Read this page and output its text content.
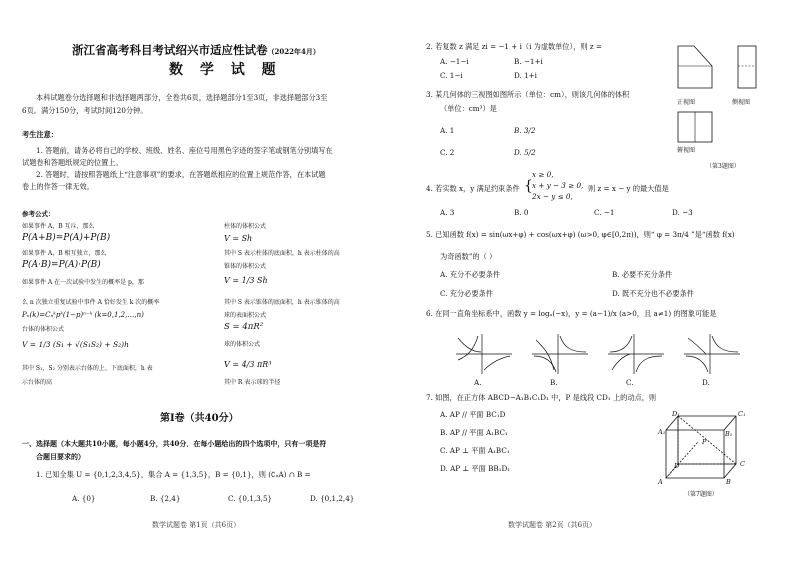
浙江省高考科目考试绍兴市适应性试卷（2022年4月）
数 学 试 题
本科试题卷分选择题和非选择题两部分，全卷共6页，选择题部分1至3页，非选择题部分3至
6页。满分150分，考试时间120分钟。
考生注意：
1. 答题前，请务必将自己的学校、班级、姓名、座位号用黑色字迹的签字笔或钢笔分别填写在
试题卷和答题纸规定的位置上。
2. 答题时，请按照答题纸上“注意事项”的要求，在答题纸相应的位置上规范作答，在本试题
卷上的作答一律无效。
参考公式：
如果事件 A，B 互斥，那么
P(A+B)=P(A)+P(B)
如果事件 A，B 相互独立，那么
P(A·B)=P(A)·P(B)
如果事件 A 在一次试验中发生的概率是 p，那
么 n 次独立重复试验中事件 A 恰好发生 k 次的概率
Pₙ(k)=Cₙᵏpᵏ(1−p)ⁿ⁻ᵏ (k=0,1,2,…,n)
台体的体积公式
V = 1/3 (S₁ + √(S₁S₂) + S₂)h
其中 S₁，S₂ 分别表示台体的上、下底面积，h 表
示台体的高
柱体的体积公式
V = Sh
其中 S 表示柱体的底面积，h 表示柱体的高
锥体的体积公式
V = 1/3 Sh
其中 S 表示锥体的底面积，h 表示锥体的高
球的表面积公式
S = 4πR²
球的体积公式
V = 4/3 πR³
其中 R 表示球的半径
第Ⅰ卷（共40分）
一、选择题（本大题共10小题，每小题4分，共40分．在每小题给出的四个选项中，只有一项是符
合题目要求的）
1. 已知全集 U = {0,1,2,3,4,5}，集合 A = {1,3,5}，B = {0,1}，则 (∁ᵤA) ∩ B =
A. {0}	B. {2,4}	C. {0,1,3,5}	D. {0,1,2,4}
数学试题卷 第1页（共6页）
2. 若复数 z 满足 zi = −1 + i（i 为虚数单位），则 z =
A. −1−i	B. −1+i
C. 1−i	D. 1+i
3. 某几何体的三视图如图所示（单位：cm），则该几何体的体积
（单位：cm³）是
A. 1	B. 3/2
C. 2	D. 5/2
正视图	侧视图
俯视图
（第3题图）
4. 若实数 x，y 满足约束条件 {
x ≥ 0,
x + y − 3 ≥ 0,
2x − y ≤ 0,
则 z = x − y 的最大值是
A. 3	B. 0	C. −1	D. −3
5. 已知函数 f(x) = sin(ωx+φ) + cos(ωx+φ) (ω>0, φ∈[0,2π))，则“ φ = 3π/4 ”是“函数 f(x)
为奇函数”的（ ）
A. 充分不必要条件	B. 必要不充分条件
C. 充分必要条件	D. 既不充分也不必要条件
6. 在同一直角坐标系中，函数 y = logₐ(−x)，y = (a−1)/x (a>0，且 a≠1) 的图象可能是
A.	B.	C.	D.
7. 如图，在正方体 ABCD−A₁B₁C₁D₁ 中，P 是线段 CD₁ 上的动点，则
A. AP // 平面 BC₁D
B. AP // 平面 A₁BC₁
C. AP ⊥ 平面 A₁BC₁
D. AP ⊥ 平面 BB₁D₁
D₁	C₁
A₁	B₁
P
D	C
A	B
（第7题图）
数学试题卷 第2页（共6页）
